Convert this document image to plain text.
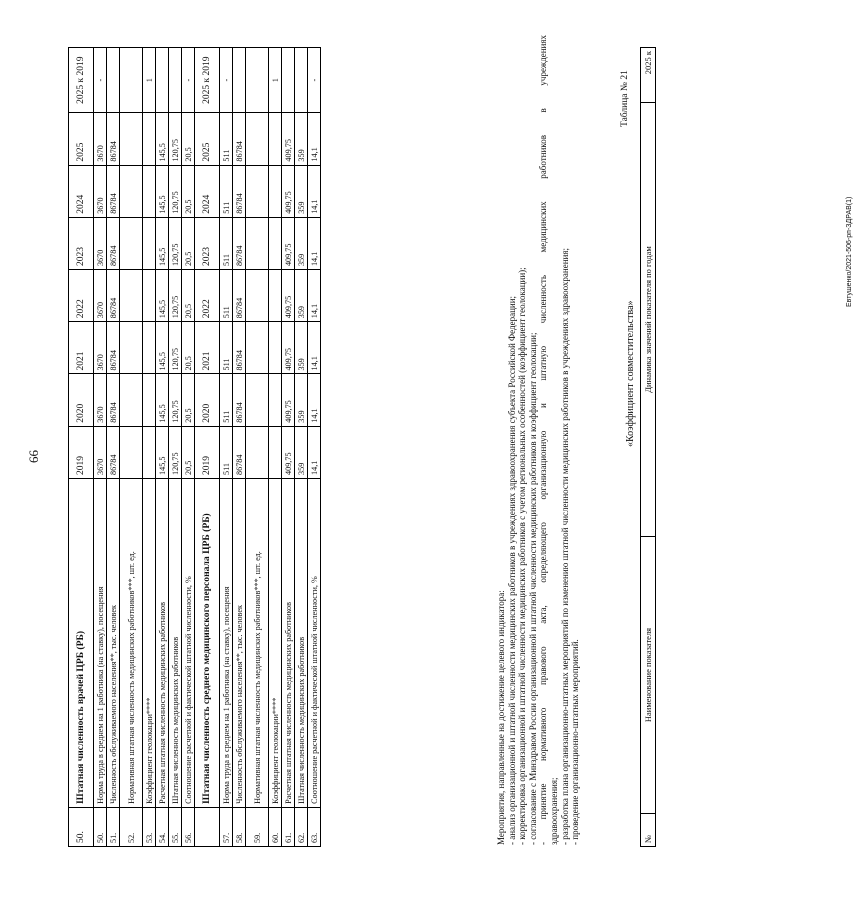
66
50.	Штатная численность врачей ЦРБ (РБ)	2019	2020	2021	2022	2023	2024	2025	2025 к 2019
50.	Норма труда в среднем на 1 работника (на ставку), посещения	3670	3670	3670	3670	3670	3670	3670	-
51.	Численность обслуживаемого населения**, тыс. человек	86784	86784	86784	86784	86784	86784	86784	
52.	Нормативная штатная численность медицинских работников***, шт. ед.								
53.	Коэффициент геолокации****								1
54.	Расчетная штатная численность медицинских работников	145,5	145,5	145,5	145,5	145,5	145,5	145,5	
55.	Штатная численность медицинских работников	120,75	120,75	120,75	120,75	120,75	120,75	120,75	
56.	Соотношение расчетной и фактической штатной численности, %	20,5	20,5	20,5	20,5	20,5	20,5	20,5	-
	Штатная численность среднего медицинского персонала ЦРБ (РБ)	2019	2020	2021	2022	2023	2024	2025	2025 к 2019
57.	Норма труда в среднем на 1 работника (на ставку), посещения	511	511	511	511	511	511	511	-
58.	Численность обслуживаемого населения**, тыс. человек	86784	86784	86784	86784	86784	86784	86784	
59.	Нормативная штатная численность медицинских работников***, шт. ед.								
60.	Коэффициент геолокации****								1
61.	Расчетная штатная численность медицинских работников	409,75	409,75	409,75	409,75	409,75	409,75	409,75	
62.	Штатная численность медицинских работников	359	359	359	359	359	359	359	
63.	Соотношение расчетной и фактической штатной численности, %	14,1	14,1	14,1	14,1	14,1	14,1	14,1	-
Мероприятия, направленные на достижение целевого индикатора: - анализ организационной и штатной численности медицинских работников в учреждениях здравоохранения субъекта Российской Федерации; - корректировка организационной и штатной численности медицинских работников с учетом региональных особенностей (коэффициент геолокации); - согласование с Минздравом России организационной и штатной численности медицинских работников и коэффициент геолокации; - принятие нормативного правового акта, определяющего организационную и штатную численность медицинских работников в учреждениях здравоохранения; - разработка плана организационно-штатных мероприятий по изменению штатной численности медицинских работников в учреждениях здравоохранения; - проведение организационно-штатных мероприятий.
Таблица № 21
«Коэффициент совместительства»
№	Наименование показателя	Динамика значений показателя по годам	2025 к
Евтушенко/2021-506-рп-ЗДРАВ(1)
